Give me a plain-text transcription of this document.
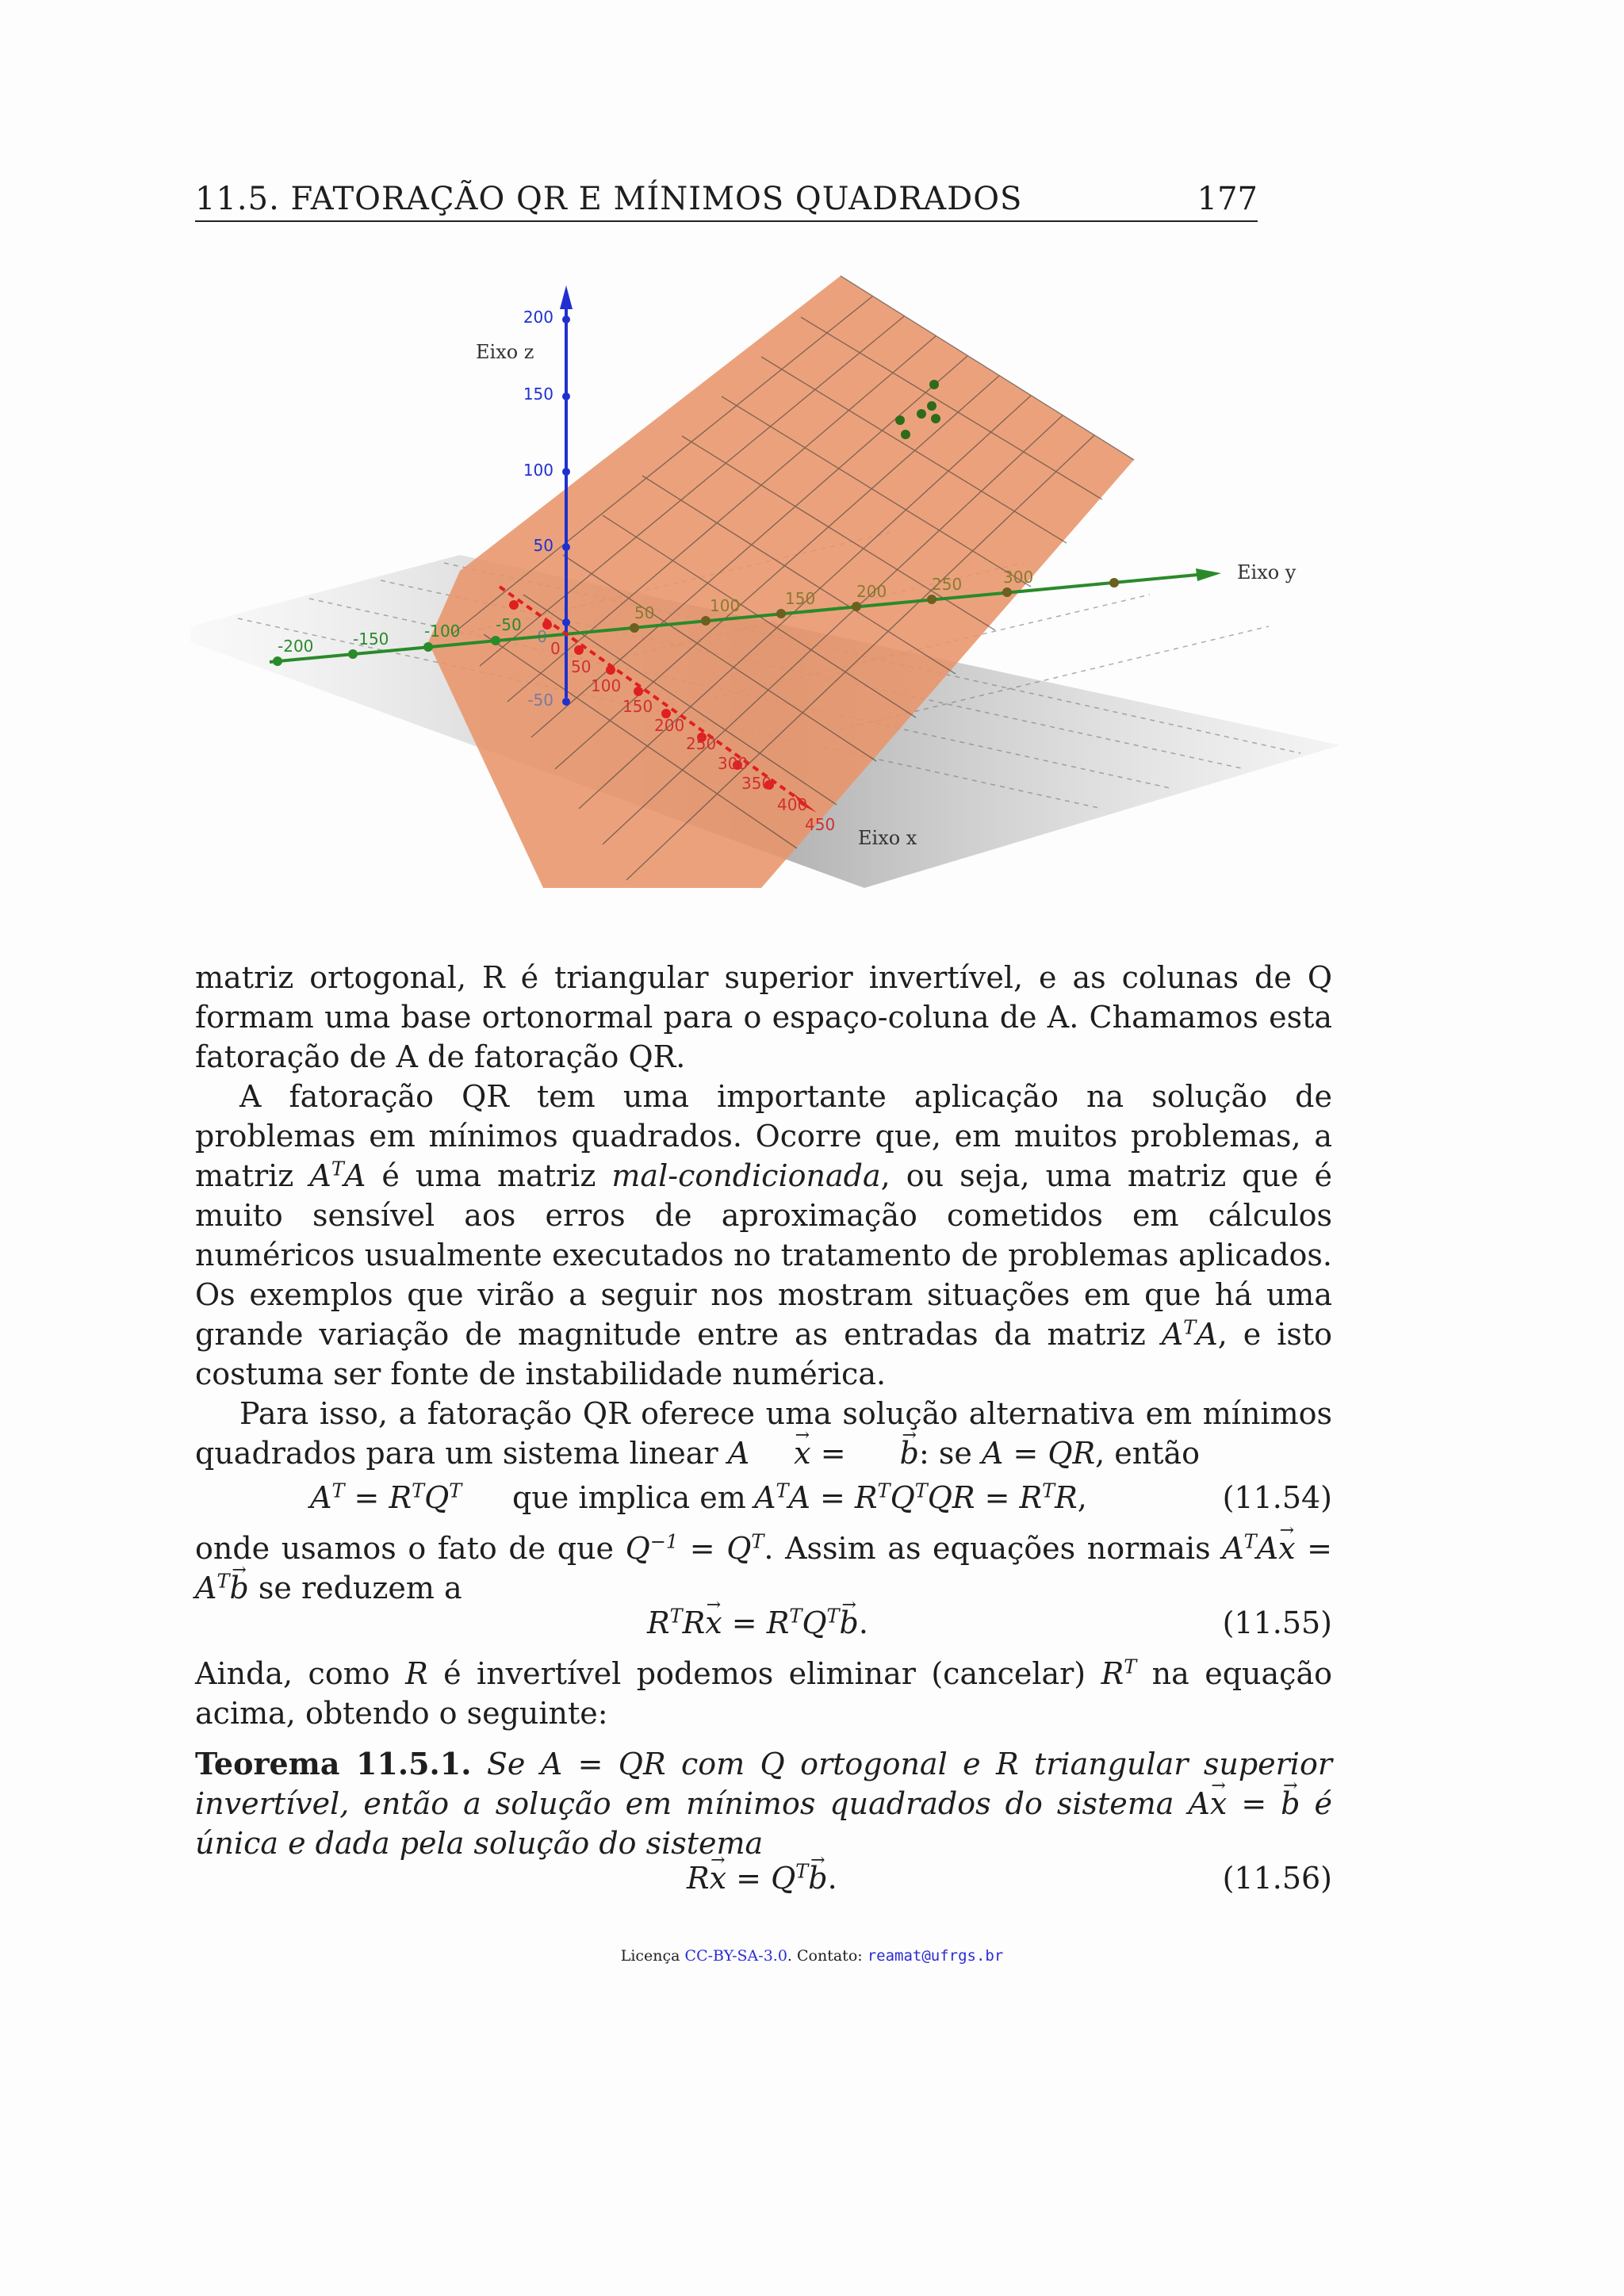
11.5. FATORAÇÃO QR E MÍNIMOS QUADRADOS	177
200
150
100
50
-50
Eixo z
-200 -150 -100 -50
50	100	150	200	250	300	Eixo y
0
50
100
150
200
250
300
350
400
450
Eixo x

matriz ortogonal, R é triangular superior invertível, e as colunas de Q formam uma base ortonormal para o espaço-coluna de A. Chamamos esta fatoração de A de fatoração QR.

A fatoração QR tem uma importante aplicação na solução de problemas em mínimos quadrados. Ocorre que, em muitos problemas, a matriz $A^TA$ é uma matriz mal-condicionada, ou seja, uma matriz que é muito sensível aos erros de aproximação cometidos em cálculos numéricos usualmente executados no tratamento de problemas aplicados. Os exemplos que virão a seguir nos mostram situações em que há uma grande variação de magnitude entre as entradas da matriz $A^TA$, e isto costuma ser fonte de instabilidade numérica.

Para isso, a fatoração QR oferece uma solução alternativa em mínimos quadrados para um sistema linear A→ x = → b: se A = QR, então

$A^T = R^TQ^T$ que implica em $A^TA = R^TQ^TQR = R^TR$,	(11.54)

onde usamos o fato de que $Q^{-1} = Q^T$. Assim as equações normais $A^TA\to x = A^T\to b$ se reduzem a

$R^TR\to x = R^TQ^T\to b$.	(11.55)

Ainda, como R é invertível podemos eliminar (cancelar) $R^T$ na equação acima, obtendo o seguinte:

Teorema 11.5.1. Se A = QR com Q ortogonal e R triangular superior invertível, então a solução em mínimos quadrados do sistema A→ x = → b é única e dada pela solução do sistema

$R\to x = Q^T\to b$.	(11.56)
Licença CC-BY-SA-3.0. Contato: reamat@ufrgs.br
